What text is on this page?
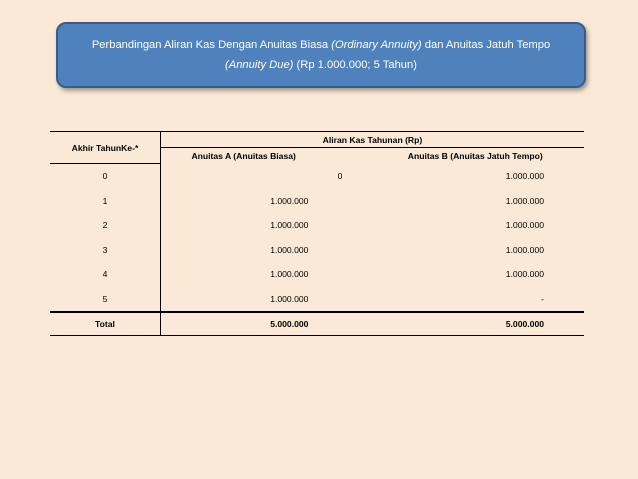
Perbandingan Aliran Kas Dengan Anuitas Biasa (Ordinary Annuity) dan Anuitas Jatuh Tempo (Annuity Due) (Rp 1.000.000; 5 Tahun)
Akhir TahunKe-*	Aliran Kas Tahunan (Rp)	
	Anuitas A (Anuitas Biasa)	Anuitas B (Anuitas Jatuh Tempo)
0	0	1.000.000
1	1.000.000	1.000.000
2	1.000.000	1.000.000
3	1.000.000	1.000.000
4	1.000.000	1.000.000
5	1.000.000	-
Total	5.000.000	5.000.000
